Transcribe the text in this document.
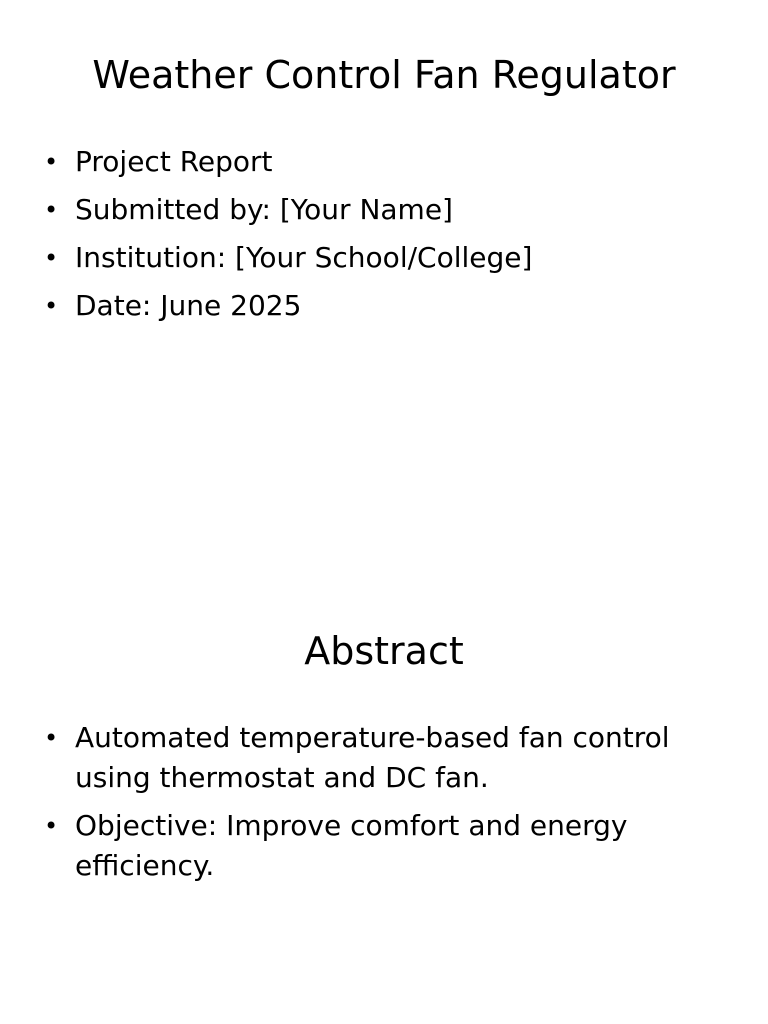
Weather Control Fan Regulator
• Project Report
• Submitted by: [Your Name]
• Institution: [Your School/College]
• Date: June 2025
Abstract
• Automated temperature-based fan control using thermostat and DC fan.
• Objective: Improve comfort and energy efficiency.
